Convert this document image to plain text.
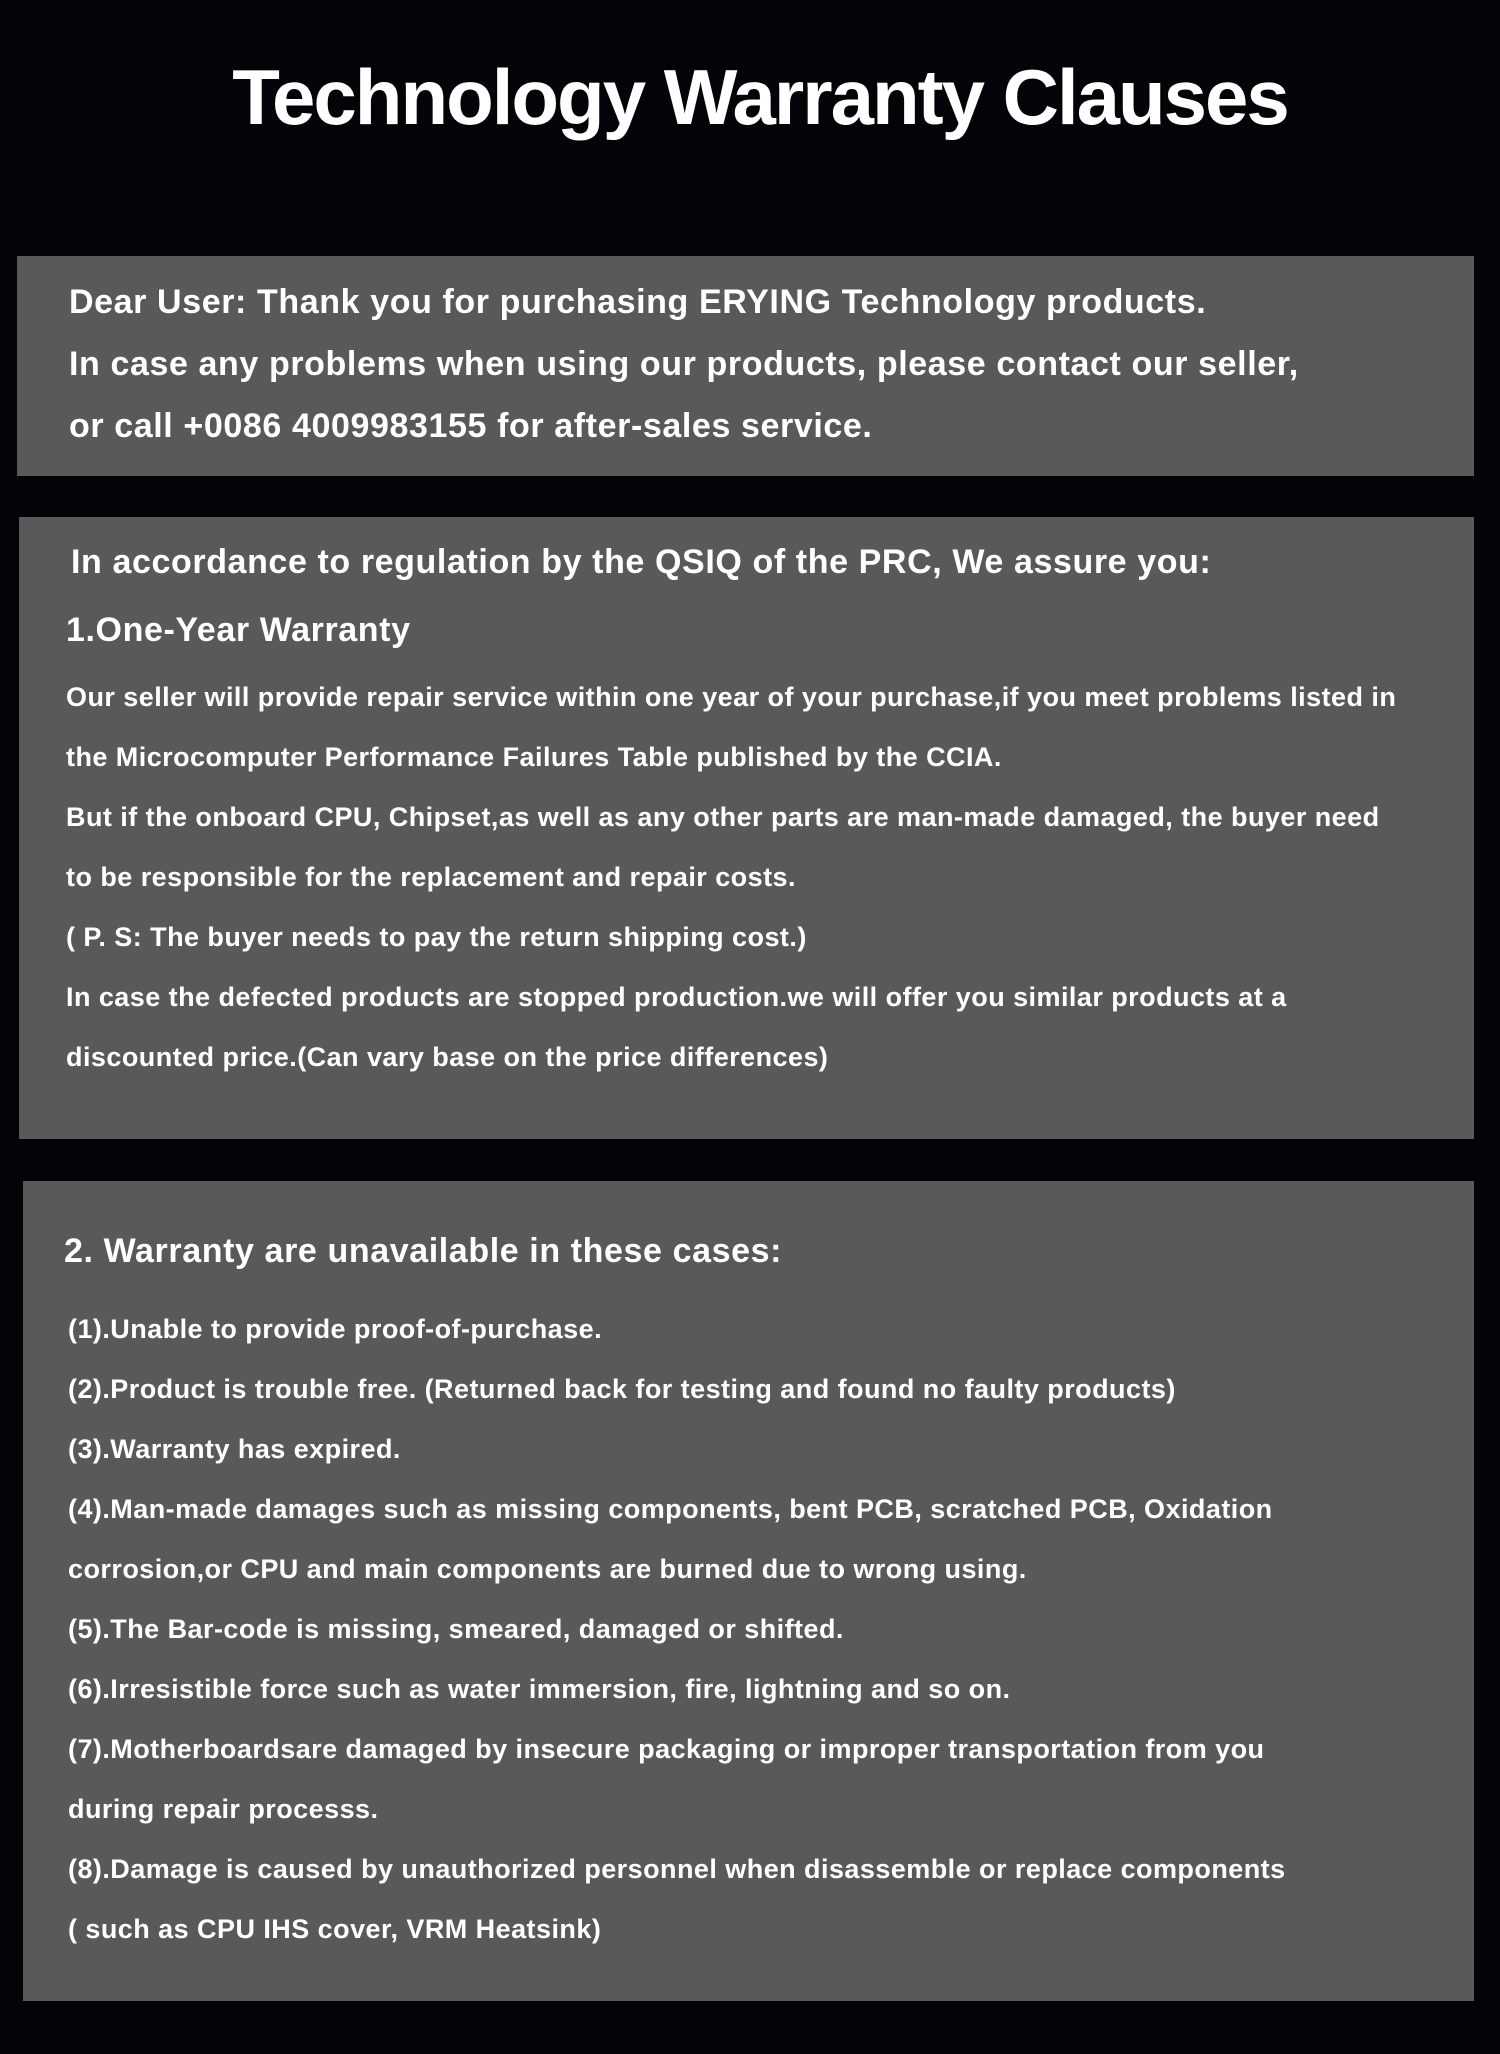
Technology Warranty Clauses

Dear User: Thank you for purchasing ERYING Technology products.

In case any problems when using our products, please contact our seller,

or call +0086 4009983155 for after-sales service.

In accordance to regulation by the QSIQ of the PRC, We assure you:

1.One-Year Warranty

Our seller will provide repair service within one year of your purchase,if you meet problems listed in

the Microcomputer Performance Failures Table published by the CCIA.

But if the onboard CPU, Chipset,as well as any other parts are man-made damaged, the buyer need

to be responsible for the replacement and repair costs.

( P. S: The buyer needs to pay the return shipping cost.)

In case the defected products are stopped production.we will offer you similar products at a

discounted price.(Can vary base on the price differences)

2. Warranty are unavailable in these cases:

(1).Unable to provide proof-of-purchase.

(2).Product is trouble free. (Returned back for testing and found no faulty products)

(3).Warranty has expired.

(4).Man-made damages such as missing components, bent PCB, scratched PCB, Oxidation

corrosion,or CPU and main components are burned due to wrong using.

(5).The Bar-code is missing, smeared, damaged or shifted.

(6).Irresistible force such as water immersion, fire, lightning and so on.

(7).Motherboardsare damaged by insecure packaging or improper transportation from you

during repair processs.

(8).Damage is caused by unauthorized personnel when disassemble or replace components

( such as CPU IHS cover, VRM Heatsink)
